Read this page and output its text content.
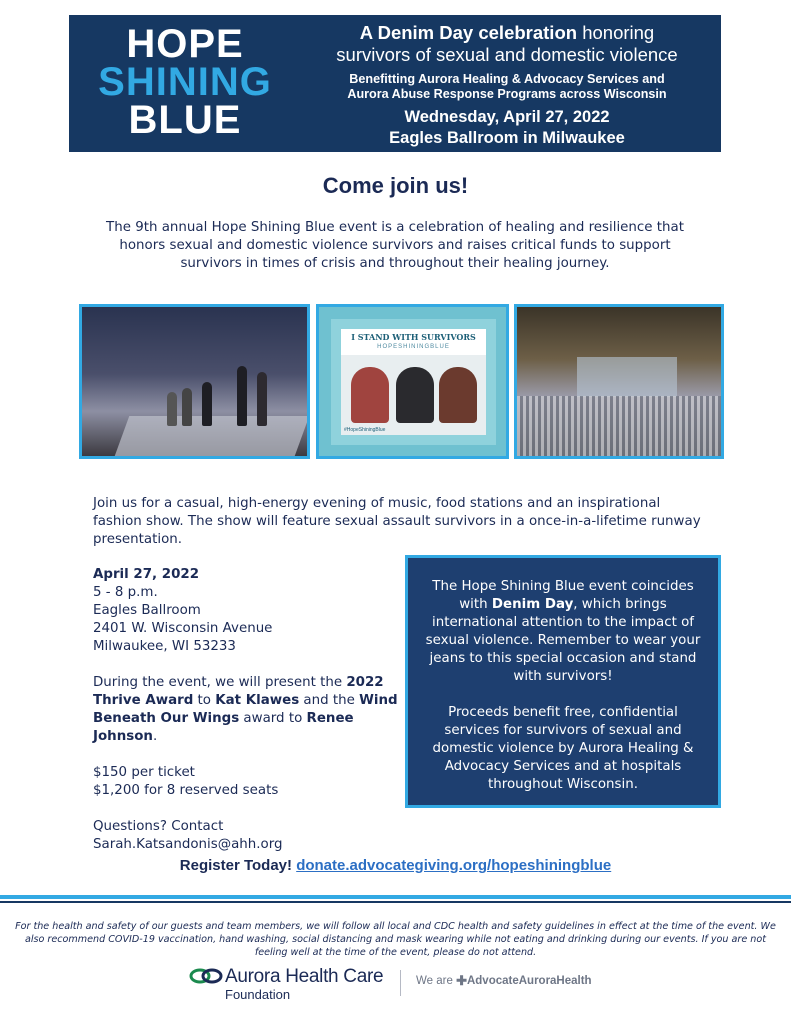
HOPE
SHINING
BLUE
A Denim Day celebration honoring
survivors of sexual and domestic violence
Benefitting Aurora Healing & Advocacy Services and
Aurora Abuse Response Programs across Wisconsin
Wednesday, April 27, 2022
Eagles Ballroom in Milwaukee
Come join us!
The 9th annual Hope Shining Blue event is a celebration of healing and resilience that honors sexual and domestic violence survivors and raises critical funds to support survivors in times of crisis and throughout their healing journey.
I STAND WITH SURVIVORS
HOPESHININGBLUE
#HopeShiningBlue
Join us for a casual, high-energy evening of music, food stations and an inspirational fashion show. The show will feature sexual assault survivors in a once-in-a-lifetime runway presentation.
April 27, 2022
5 - 8 p.m.
Eagles Ballroom
2401 W. Wisconsin Avenue
Milwaukee, WI 53233
During the event, we will present the 2022 Thrive Award to Kat Klawes and the Wind Beneath Our Wings award to Renee Johnson.
$150 per ticket
$1,200 for 8 reserved seats
Questions? Contact
Sarah.Katsandonis@ahh.org
The Hope Shining Blue event coincides with Denim Day, which brings international attention to the impact of sexual violence. Remember to wear your jeans to this special occasion and stand with survivors!
Proceeds benefit free, confidential services for survivors of sexual and domestic violence by Aurora Healing & Advocacy Services and at hospitals throughout Wisconsin.
Register Today! donate.advocategiving.org/hopeshiningblue
For the health and safety of our guests and team members, we will follow all local and CDC health and safety guidelines in effect at the time of the event. We also recommend COVID-19 vaccination, hand washing, social distancing and mask wearing while not eating and drinking during our events. If you are not feeling well at the time of the event, please do not attend.
Aurora Health Care
Foundation
We are ✚AdvocateAuroraHealth
